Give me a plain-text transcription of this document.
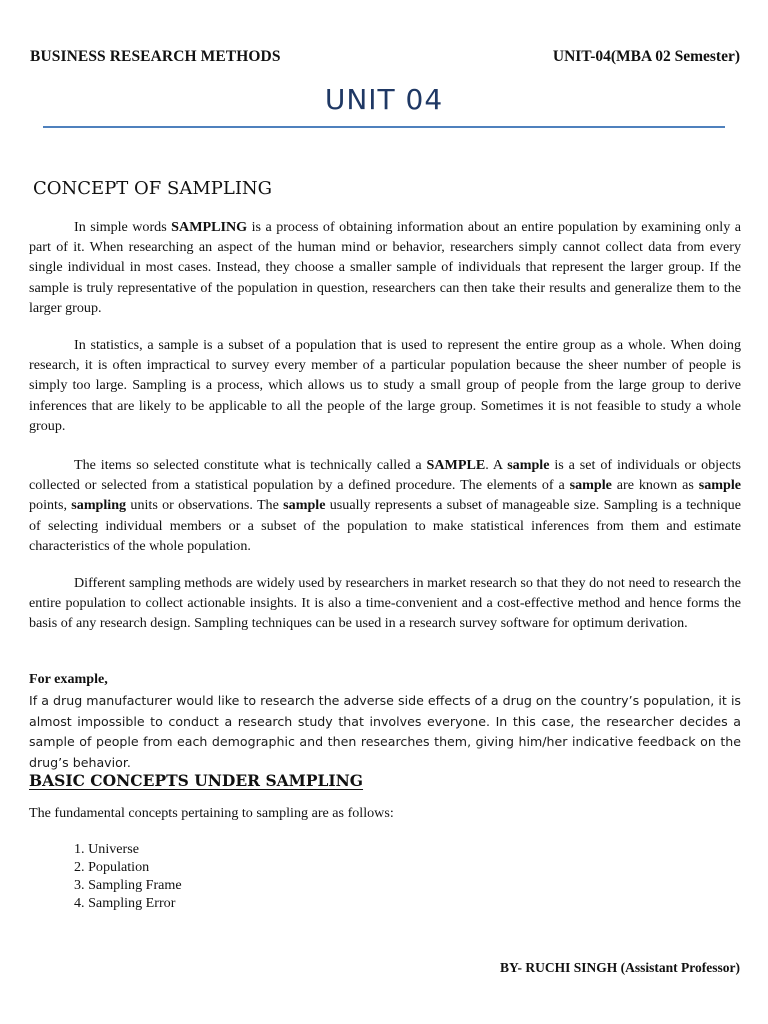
BUSINESS RESEARCH METHODS	UNIT-04(MBA 02 Semester)
UNIT 04
CONCEPT OF SAMPLING

In simple words SAMPLING is a process of obtaining information about an entire population by examining only a part of it. When researching an aspect of the human mind or behavior, researchers simply cannot collect data from every single individual in most cases. Instead, they choose a smaller sample of individuals that represent the larger group. If the sample is truly representative of the population in question, researchers can then take their results and generalize them to the larger group.

In statistics, a sample is a subset of a population that is used to represent the entire group as a whole. When doing research, it is often impractical to survey every member of a particular population because the sheer number of people is simply too large. Sampling is a process, which allows us to study a small group of people from the large group to derive inferences that are likely to be applicable to all the people of the large group. Sometimes it is not feasible to study a whole group.

The items so selected constitute what is technically called a SAMPLE. A sample is a set of individuals or objects collected or selected from a statistical population by a defined procedure. The elements of a sample are known as sample points, sampling units or observations. The sample usually represents a subset of manageable size. Sampling is a technique of selecting individual members or a subset of the population to make statistical inferences from them and estimate characteristics of the whole population.

Different sampling methods are widely used by researchers in market research so that they do not need to research the entire population to collect actionable insights. It is also a time-convenient and a cost-effective method and hence forms the basis of any research design. Sampling techniques can be used in a research survey software for optimum derivation.

For example,

If a drug manufacturer would like to research the adverse side effects of a drug on the country’s population, it is almost impossible to conduct a research study that involves everyone. In this case, the researcher decides a sample of people from each demographic and then researches them, giving him/her indicative feedback on the drug’s behavior.

BASIC CONCEPTS UNDER SAMPLING
The fundamental concepts pertaining to sampling are as follows:
1. Universe
2. Population
3. Sampling Frame
4. Sampling Error
BY- RUCHI SINGH (Assistant Professor)
